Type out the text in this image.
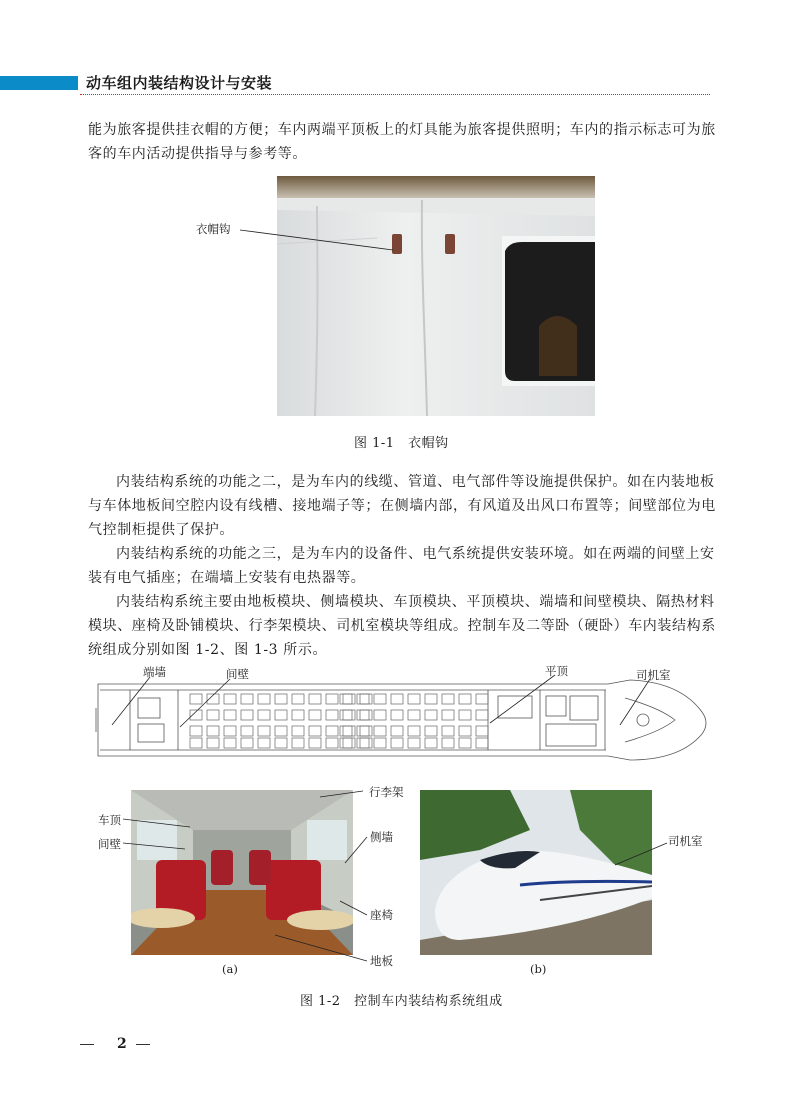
动车组内装结构设计与安装

能为旅客提供挂衣帽的方便；车内两端平顶板上的灯具能为旅客提供照明；车内的指示标志可为旅客的车内活动提供指导与参考等。

衣帽钩
图 1-1　衣帽钩

内装结构系统的功能之二，是为车内的线缆、管道、电气部件等设施提供保护。如在内装地板与车体地板间空腔内设有线槽、接地端子等；在侧墙内部，有风道及出风口布置等；间壁部位为电气控制柜提供了保护。

内装结构系统的功能之三，是为车内的设备件、电气系统提供安装环境。如在两端的间壁上安装有电气插座；在端墙上安装有电热器等。

内装结构系统主要由地板模块、侧墙模块、车顶模块、平顶模块、端墙和间壁模块、隔热材料模块、座椅及卧铺模块、行李架模块、司机室模块等组成。控制车及二等卧（硬卧）车内装结构系统组成分别如图 1-2、图 1-3 所示。

端墙	间壁	平顶	司机室
行李架
车顶
间壁	侧墙
座椅
地板
司机室
(a)	(b)
图 1-2　控制车内装结构系统组成
2
